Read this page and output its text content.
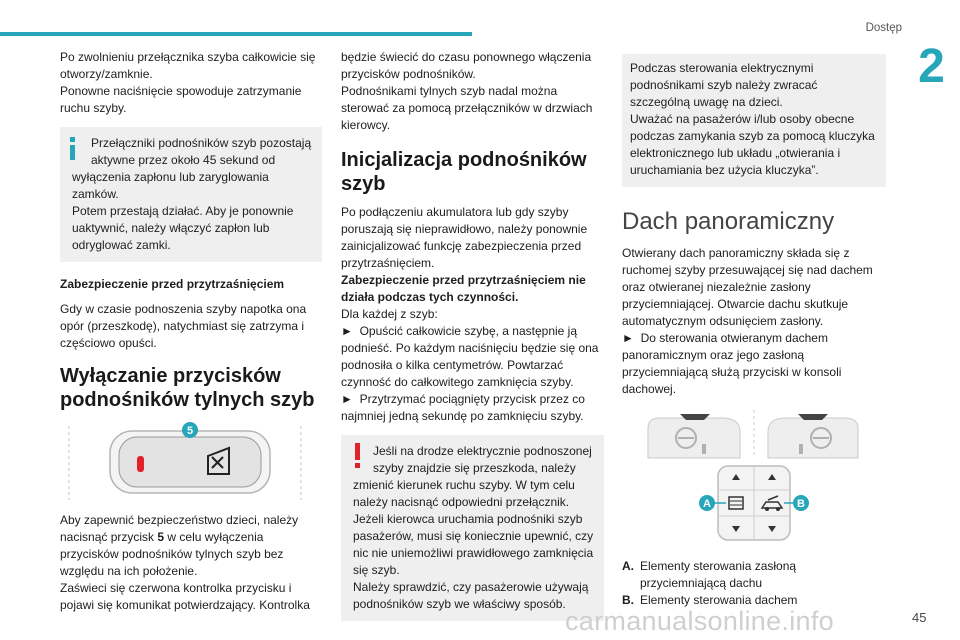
Dostęp
2

Po zwolnieniu przełącznika szyba całkowicie się otworzy/zamknie.

Ponowne naciśnięcie spowoduje zatrzymanie ruchu szyby.

Przełączniki podnośników szyb pozostają
aktywne przez około 45 sekund od
wyłączenia zapłonu lub zaryglowania
zamków.
Potem przestają działać. Aby je ponownie
uaktywnić, należy włączyć zapłon lub
odryglować zamki.

Zabezpieczenie przed przytrzaśnięciem

Gdy w czasie podnoszenia szyby napotka ona opór (przeszkodę), natychmiast się zatrzyma i częściowo opuści.

Wyłączanie przycisków podnośników tylnych szyb
5

Aby zapewnić bezpieczeństwo dzieci, należy nacisnąć przycisk 5 w celu wyłączenia przycisków podnośników tylnych szyb bez względu na ich położenie.

Zaświeci się czerwona kontrolka przycisku i pojawi się komunikat potwierdzający. Kontrolka

będzie świecić do czasu ponownego włączenia przycisków podnośników.

Podnośnikami tylnych szyb nadal można sterować za pomocą przełączników w drzwiach kierowcy.

Inicjalizacja podnośników szyb

Po podłączeniu akumulatora lub gdy szyby poruszają się nieprawidłowo, należy ponownie zainicjalizować funkcję zabezpieczenia przed przytrzaśnięciem.

Zabezpieczenie przed przytrzaśnięciem nie działa podczas tych czynności.

Dla każdej z szyb:

► Opuścić całkowicie szybę, a następnie ją podnieść. Po każdym naciśnięciu będzie się ona podnosiła o kilka centymetrów. Powtarzać czynność do całkowitego zamknięcia szyby.

► Przytrzymać pociągnięty przycisk przez co najmniej jedną sekundę po zamknięciu szyby.

Jeśli na drodze elektrycznie podnoszonej
szyby znajdzie się przeszkoda, należy
zmienić kierunek ruchu szyby. W tym celu
należy nacisnąć odpowiedni przełącznik.
Jeżeli kierowca uruchamia podnośniki szyb
pasażerów, musi się koniecznie upewnić, czy
nic nie uniemożliwi prawidłowego zamknięcia
się szyb.
Należy sprawdzić, czy pasażerowie używają
podnośników szyb we właściwy sposób.
Podczas sterowania elektrycznymi
podnośnikami szyb należy zwracać
szczególną uwagę na dzieci.
Uważać na pasażerów i/lub osoby obecne
podczas zamykania szyb za pomocą kluczyka
elektronicznego lub układu „otwierania i
uruchamiania bez użycia kluczyka”.
Dach panoramiczny

Otwierany dach panoramiczny składa się z ruchomej szyby przesuwającej się nad dachem oraz otwieranej niezależnie zasłony przyciemniającej. Otwarcie dachu skutkuje automatycznym odsunięciem zasłony.

► Do sterowania otwieranym dachem panoramicznym oraz jego zasłoną przyciemniającą służą przyciski w konsoli dachowej.

A	B
A. Elementy sterowania zasłoną
przyciemniającą dachu
B. Elementy sterowania dachem
carmanualsonline.info	45
